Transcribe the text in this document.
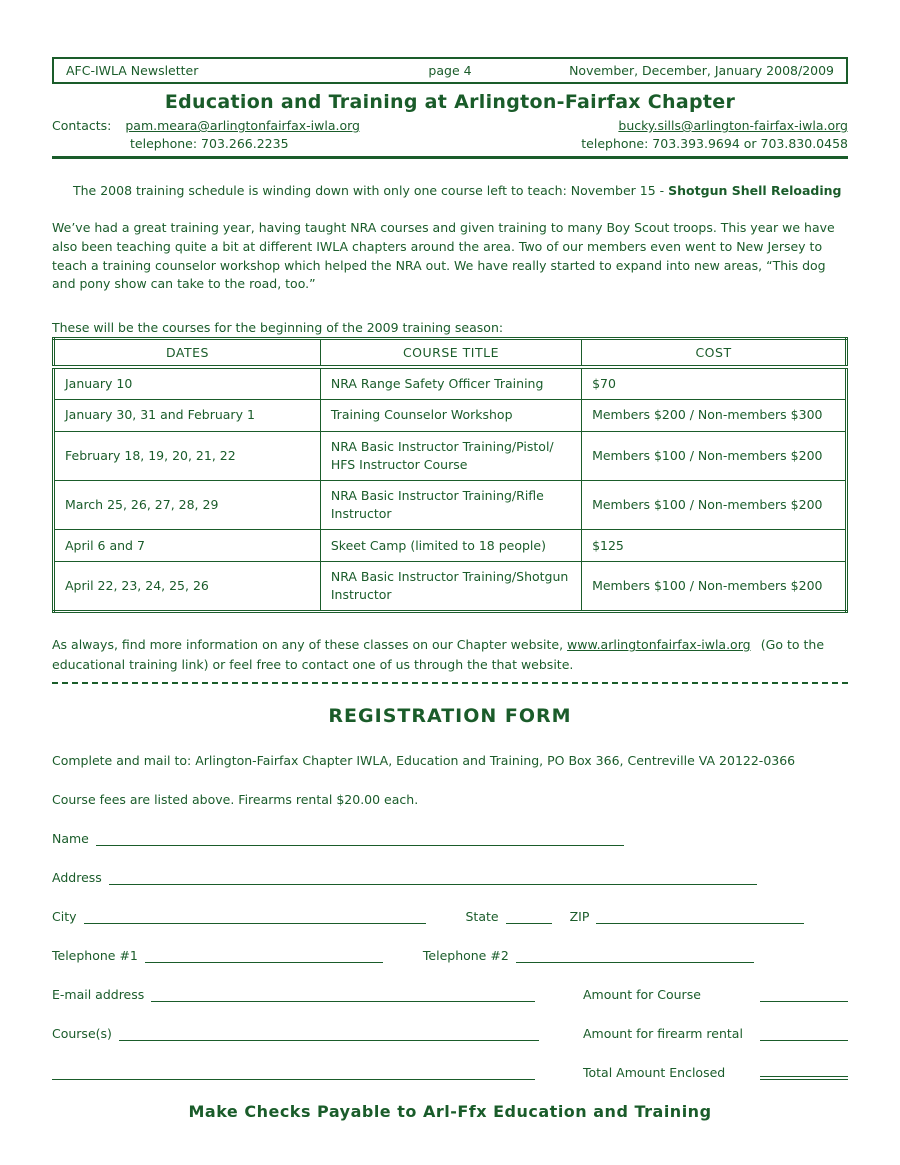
AFC-IWLA Newsletter	page 4	November, December, January 2008/2009
Education and Training at Arlington-Fairfax Chapter
Contacts: pam.meara@arlingtonfairfax-iwla.org	bucky.sills@arlington-fairfax-iwla.org
telephone: 703.266.2235	telephone: 703.393.9694 or 703.830.0458
The 2008 training schedule is winding down with only one course left to teach: November 15 - Shotgun Shell Reloading
We’ve had a great training year, having taught NRA courses and given training to many Boy Scout troops. This year we have also been teaching quite a bit at different IWLA chapters around the area. Two of our members even went to New Jersey to teach a training counselor workshop which helped the NRA out. We have really started to expand into new areas, “This dog and pony show can take to the road, too.”
These will be the courses for the beginning of the 2009 training season:
DATES	COURSE TITLE	COST
January 10	NRA Range Safety Officer Training	$70
January 30, 31 and February 1	Training Counselor Workshop	Members $200 / Non-members $300
February 18, 19, 20, 21, 22	NRA Basic Instructor Training/Pistol/ HFS Instructor Course	Members $100 / Non-members $200
March 25, 26, 27, 28, 29	NRA Basic Instructor Training/Rifle Instructor	Members $100 / Non-members $200
April 6 and 7	Skeet Camp (limited to 18 people)	$125
April 22, 23, 24, 25, 26	NRA Basic Instructor Training/Shotgun Instructor	Members $100 / Non-members $200
As always, find more information on any of these classes on our Chapter website, www.arlingtonfairfax-iwla.org  (Go to the educational training link) or feel free to contact one of us through the that website.
REGISTRATION FORM
Complete and mail to: Arlington-Fairfax Chapter IWLA, Education and Training, PO Box 366, Centreville VA 20122-0366
Course fees are listed above. Firearms rental $20.00 each.
Name
Address
City	State	ZIP
Telephone #1	Telephone #2
E-mail address	Amount for Course
Course(s)	Amount for firearm rental
Total Amount Enclosed
Make Checks Payable to Arl-Ffx Education and Training
